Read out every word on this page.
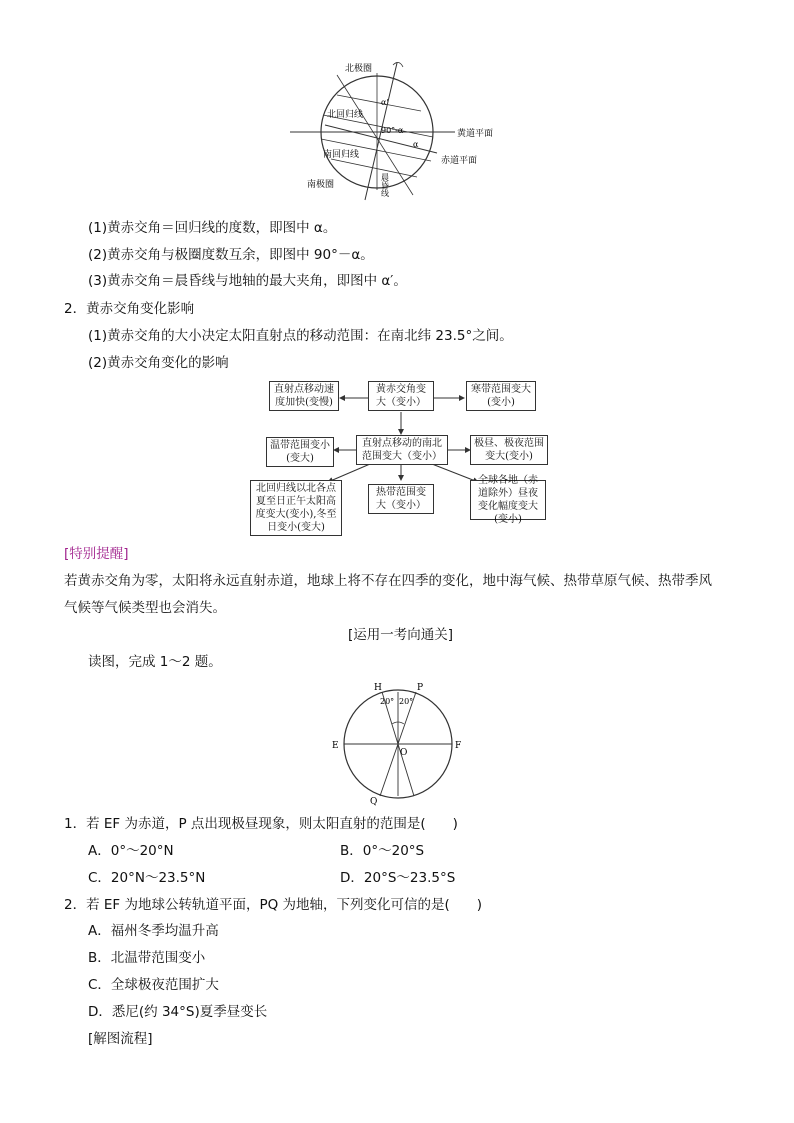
北极圈
北回归线
南回归线
南极圈
α'
90°-α
α
黄道平面
赤道平面
晨昏线
(1)黄赤交角＝回归线的度数，即图中 α。
(2)黄赤交角与极圈度数互余，即图中 90°－α。
(3)黄赤交角＝晨昏线与地轴的最大夹角，即图中 α′。
2．黄赤交角变化影响
(1)黄赤交角的大小决定太阳直射点的移动范围：在南北纬 23.5°之间。
(2)黄赤交角变化的影响
直射点移动速度加快(变慢)
黄赤交角变大（变小）
寒带范围变大(变小)
温带范围变小(变大)
直射点移动的南北范围变大（变小）
极昼、极夜范围变大(变小)
北回归线以北各点夏至日正午太阳高度变大(变小),冬至日变小(变大)
热带范围变大（变小）
全球各地（赤道除外）昼夜变化幅度变大(变小)
[特别提醒]
若黄赤交角为零，太阳将永远直射赤道，地球上将不存在四季的变化，地中海气候、热带草原气候、热带季风
气候等气候类型也会消失。
[运用一考向通关]
读图，完成 1～2 题。
H	P
E	F
O
Q
20° 20°
1．若 EF 为赤道，P 点出现极昼现象，则太阳直射的范围是(　　)
A．0°～20°N	B．0°～20°S
C．20°N～23.5°N	D．20°S～23.5°S
2．若 EF 为地球公转轨道平面，PQ 为地轴，下列变化可信的是(　　)
A．福州冬季均温升高
B．北温带范围变小
C．全球极夜范围扩大
D．悉尼(约 34°S)夏季昼变长
[解图流程]
